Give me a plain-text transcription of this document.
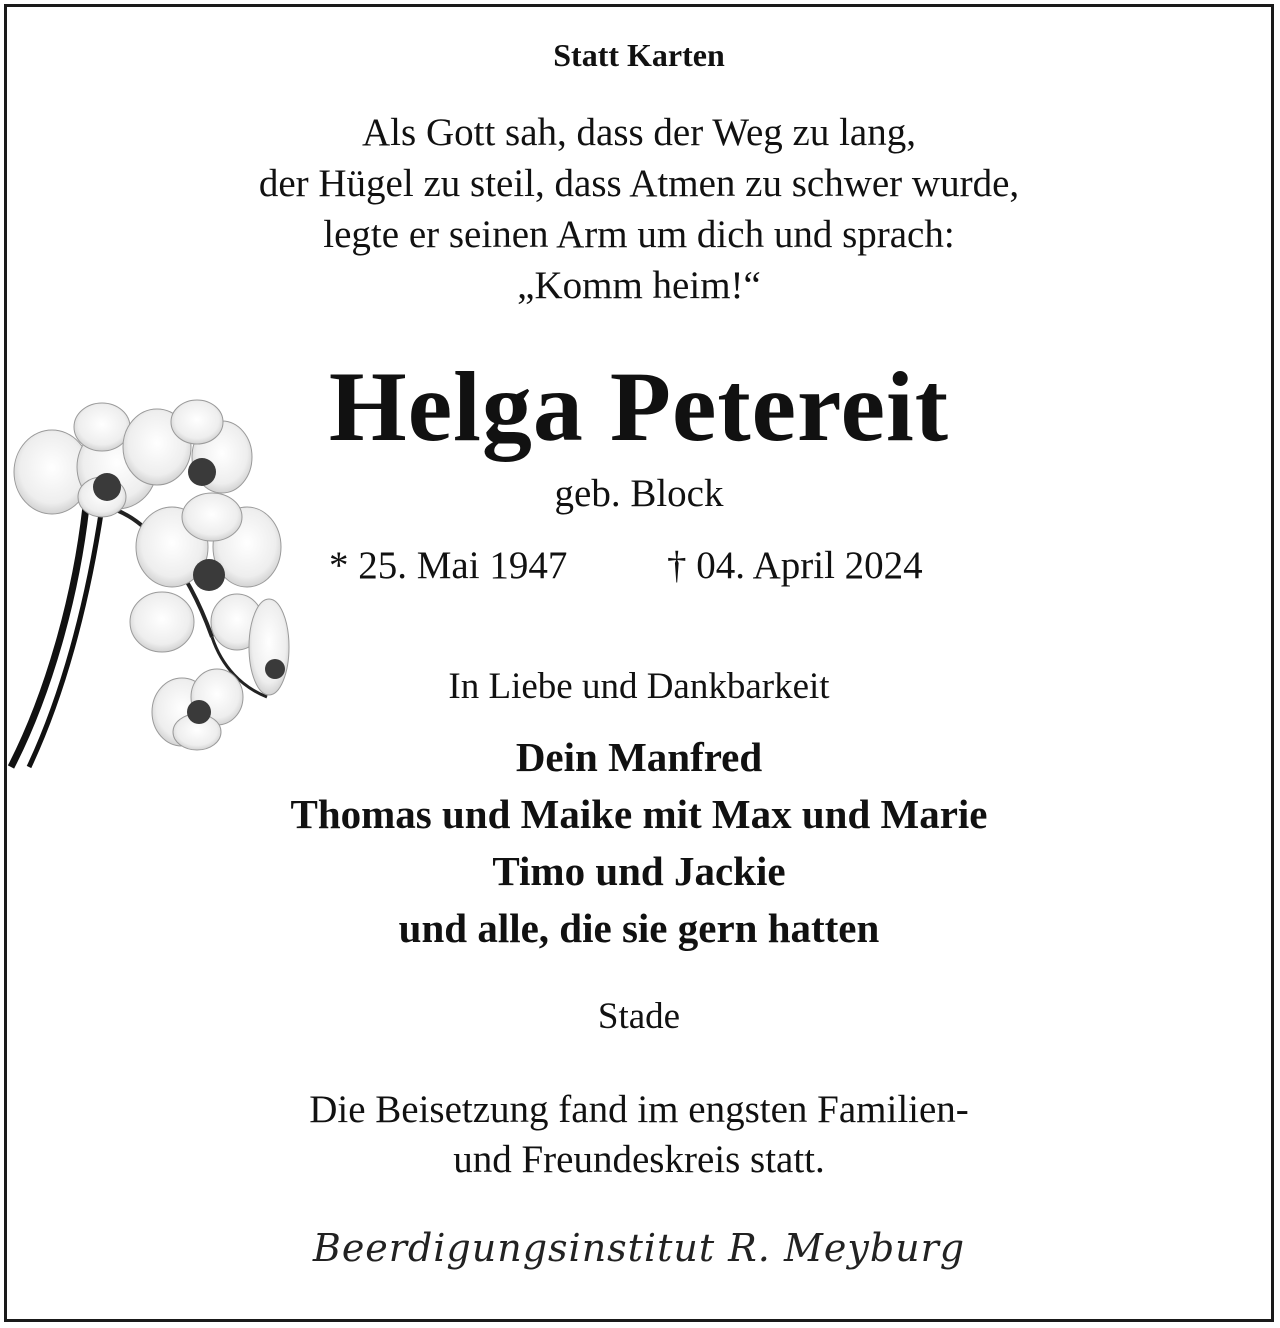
Statt Karten

Als Gott sah, dass der Weg zu lang,
der Hügel zu steil, dass Atmen zu schwer wurde,
legte er seinen Arm um dich und sprach:
„Komm heim!“

Helga Petereit

geb. Block

* 25. Mai 1947	† 04. April 2024

In Liebe und Dankbarkeit

Dein Manfred
Thomas und Maike mit Max und Marie
Timo und Jackie
und alle, die sie gern hatten

Stade

Die Beisetzung fand im engsten Familien-
und Freundeskreis statt.

Beerdigungsinstitut R. Meyburg
